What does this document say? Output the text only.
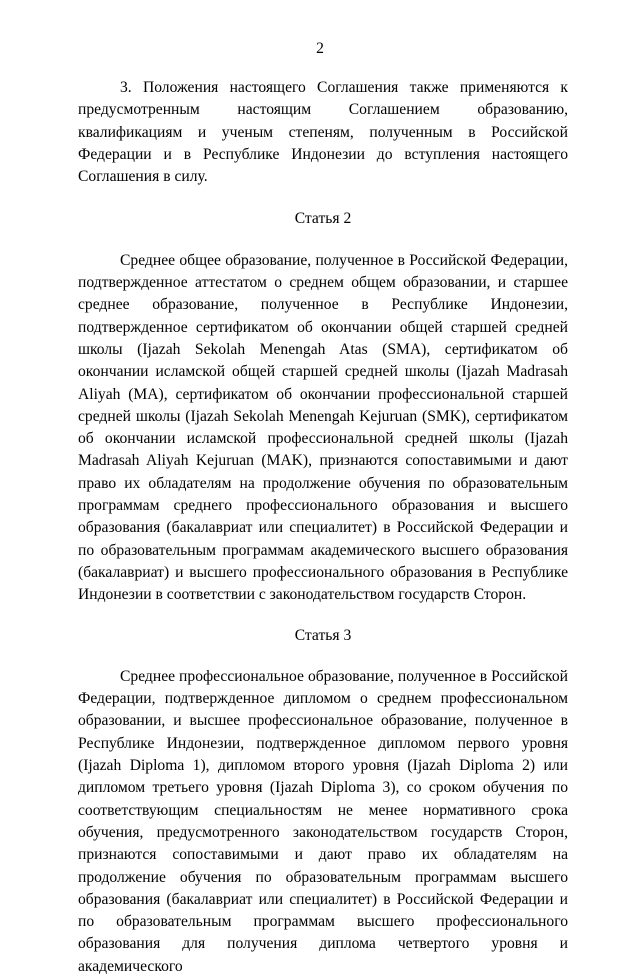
2

3. Положения настоящего Соглашения также применяются к предусмотренным настоящим Соглашением образованию, квалификациям и ученым степеням, полученным в Российской Федерации и в Республике Индонезии до вступления настоящего Соглашения в силу.

Статья 2

Среднее общее образование, полученное в Российской Федерации, подтвержденное аттестатом о среднем общем образовании, и старшее среднее образование, полученное в Республике Индонезии, подтвержденное сертификатом об окончании общей старшей средней школы (Ijazah Sekolah Menengah Atas (SMA), сертификатом об окончании исламской общей старшей средней школы (Ijazah Madrasah Aliyah (MA), сертификатом об окончании профессиональной старшей средней школы (Ijazah Sekolah Menengah Kejuruan (SMK), сертификатом об окончании исламской профессиональной средней школы (Ijazah Madrasah Aliyah Kejuruan (MAK), признаются сопоставимыми и дают право их обладателям на продолжение обучения по образовательным программам среднего профессионального образования и высшего образования (бакалавриат или специалитет) в Российской Федерации и по образовательным программам академического высшего образования (бакалавриат) и высшего профессионального образования в Республике Индонезии в соответствии с законодательством государств Сторон.

Статья 3

Среднее профессиональное образование, полученное в Российской Федерации, подтвержденное дипломом о среднем профессиональном образовании, и высшее профессиональное образование, полученное в Республике Индонезии, подтвержденное дипломом первого уровня (Ijazah Diploma 1), дипломом второго уровня (Ijazah Diploma 2) или дипломом третьего уровня (Ijazah Diploma 3), со сроком обучения по соответствующим специальностям не менее нормативного срока обучения, предусмотренного законодательством государств Сторон, признаются сопоставимыми и дают право их обладателям на продолжение обучения по образовательным программам высшего образования (бакалавриат или специалитет) в Российской Федерации и по образовательным программам высшего профессионального образования для получения диплома четвертого уровня и академического
